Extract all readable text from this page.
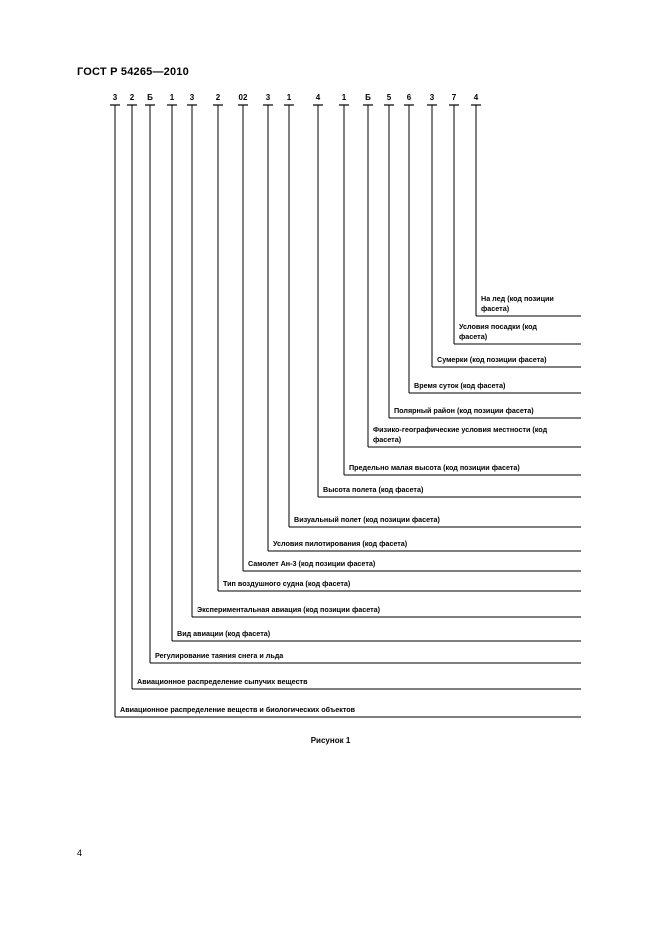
ГОСТ Р 54265—2010
3
Авиационное распределение веществ и биологических объектов
2
Авиационное распределение сыпучих веществ
Б
Регулирование таяния снега и льда
1
Вид авиации (код фасета)
3
Экспериментальная авиация (код позиции фасета)
2
Тип воздушного судна (код фасета)
02
Самолет Ан-3 (код позиции фасета)
3
Условия пилотирования (код фасета)
1
Визуальный полет (код позиции фасета)
4
Высота полета (код фасета)
1
Предельно малая высота (код позиции фасета)
Б
Физико-географические условия местности (код
фасета)
5
Полярный район (код позиции фасета)
6
Время суток (код фасета)
3
Сумерки (код позиции фасета)
7
Условия посадки (код
фасета)
4
На лед (код позиции
фасета)
Рисунок 1
4
